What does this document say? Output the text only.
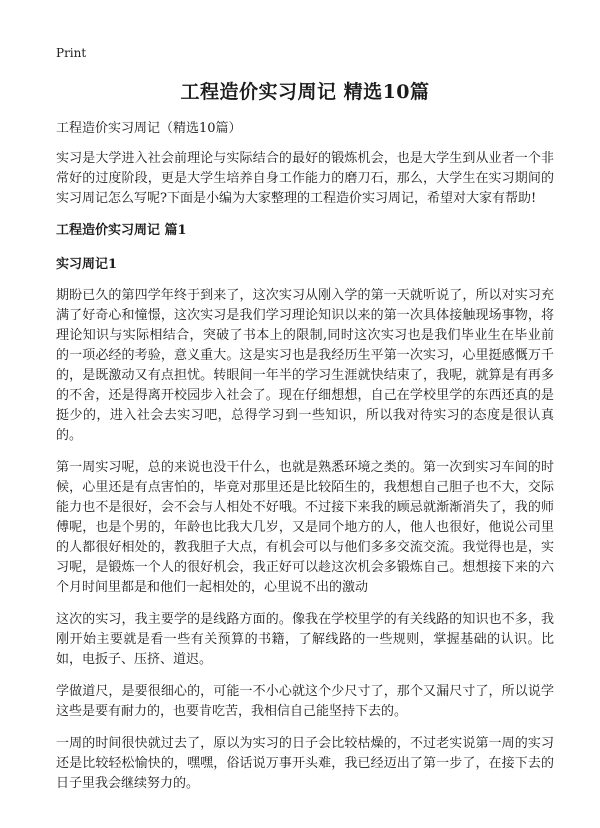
Print
工程造价实习周记 精选10篇

工程造价实习周记（精选10篇）

实习是大学进入社会前理论与实际结合的最好的锻炼机会，也是大学生到从业者一个非常好的过度阶段，更是大学生培养自身工作能力的磨刀石，那么，大学生在实习期间的实习周记怎么写呢?下面是小编为大家整理的工程造价实习周记，希望对大家有帮助!

工程造价实习周记 篇1
实习周记1

期盼已久的第四学年终于到来了，这次实习从刚入学的第一天就听说了，所以对实习充满了好奇心和憧憬，这次实习是我们学习理论知识以来的第一次具体接触现场事物，将理论知识与实际相结合，突破了书本上的限制,同时这次实习也是我们毕业生在毕业前的一项必经的考验，意义重大。这是实习也是我经历生平第一次实习，心里挺感慨万千的，是既激动又有点担忧。转眼间一年半的学习生涯就快结束了，我呢，就算是有再多的不舍，还是得离开校园步入社会了。现在仔细想想，自己在学校里学的东西还真的是挺少的，进入社会去实习吧，总得学习到一些知识，所以我对待实习的态度是很认真的。

第一周实习呢，总的来说也没干什么，也就是熟悉环境之类的。第一次到实习车间的时候，心里还是有点害怕的，毕竟对那里还是比较陌生的，我想想自己胆子也不大，交际能力也不是很好，会不会与人相处不好哦。不过接下来我的顾忌就渐渐消失了，我的师傅呢，也是个男的，年龄也比我大几岁，又是同个地方的人，他人也很好，他说公司里的人都很好相处的，教我胆子大点，有机会可以与他们多多交流交流。我觉得也是，实习呢，是锻炼一个人的很好机会，我正好可以趁这次机会多锻炼自己。想想接下来的六个月时间里都是和他们一起相处的，心里说不出的激动

这次的实习，我主要学的是线路方面的。像我在学校里学的有关线路的知识也不多，我刚开始主要就是看一些有关预算的书籍，了解线路的一些规则，掌握基础的认识。比如，电扳子、压挤、道迟。

学做道尺，是要很细心的，可能一不小心就这个少尺寸了，那个又漏尺寸了，所以说学这些是要有耐力的，也要肯吃苦，我相信自己能坚持下去的。

一周的时间很快就过去了，原以为实习的日子会比较枯燥的，不过老实说第一周的实习还是比较轻松愉快的，嘿嘿，俗话说万事开头难，我已经迈出了第一步了，在接下去的日子里我会继续努力的。
